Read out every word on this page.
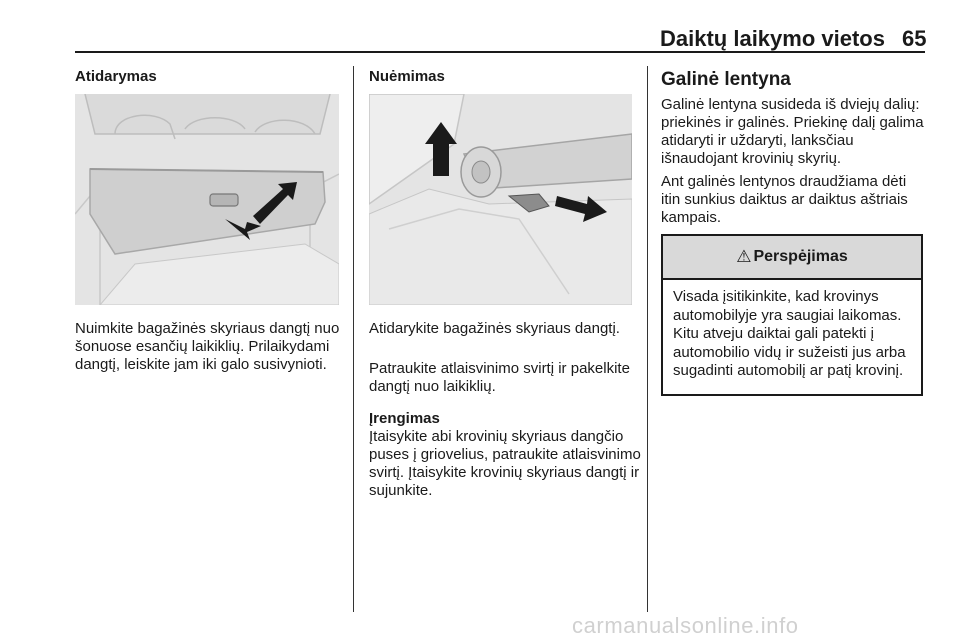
Daiktų laikymo vietos 65
Atidarymas

Nuimkite bagažinės skyriaus dangtį nuo šonuose esančių laikiklių. Prilaikydami dangtį, leiskite jam iki galo susivynioti.

Nuėmimas

Atidarykite bagažinės skyriaus dangtį.

Patraukite atlaisvinimo svirtį ir pakelkite dangtį nuo laikiklių.

Įrengimas

Įtaisykite abi krovinių skyriaus dangčio puses į griovelius, patraukite atlaisvinimo svirtį. Įtaisykite krovinių skyriaus dangtį ir sujunkite.

Galinė lentyna

Galinė lentyna susideda iš dviejų dalių: priekinės ir galinės. Priekinę dalį galima atidaryti ir uždaryti, lanksčiau išnaudojant krovinių skyrių.

Ant galinės lentynos draudžiama dėti itin sunkius daiktus ar daiktus aštriais kampais.

⚠ Perspėjimas
Visada įsitikinkite, kad krovinys automobilyje yra saugiai laikomas. Kitu atveju daiktai gali patekti į automobilio vidų ir sužeisti jus arba sugadinti automobilį ar patį krovinį.
carmanualsonline.info
